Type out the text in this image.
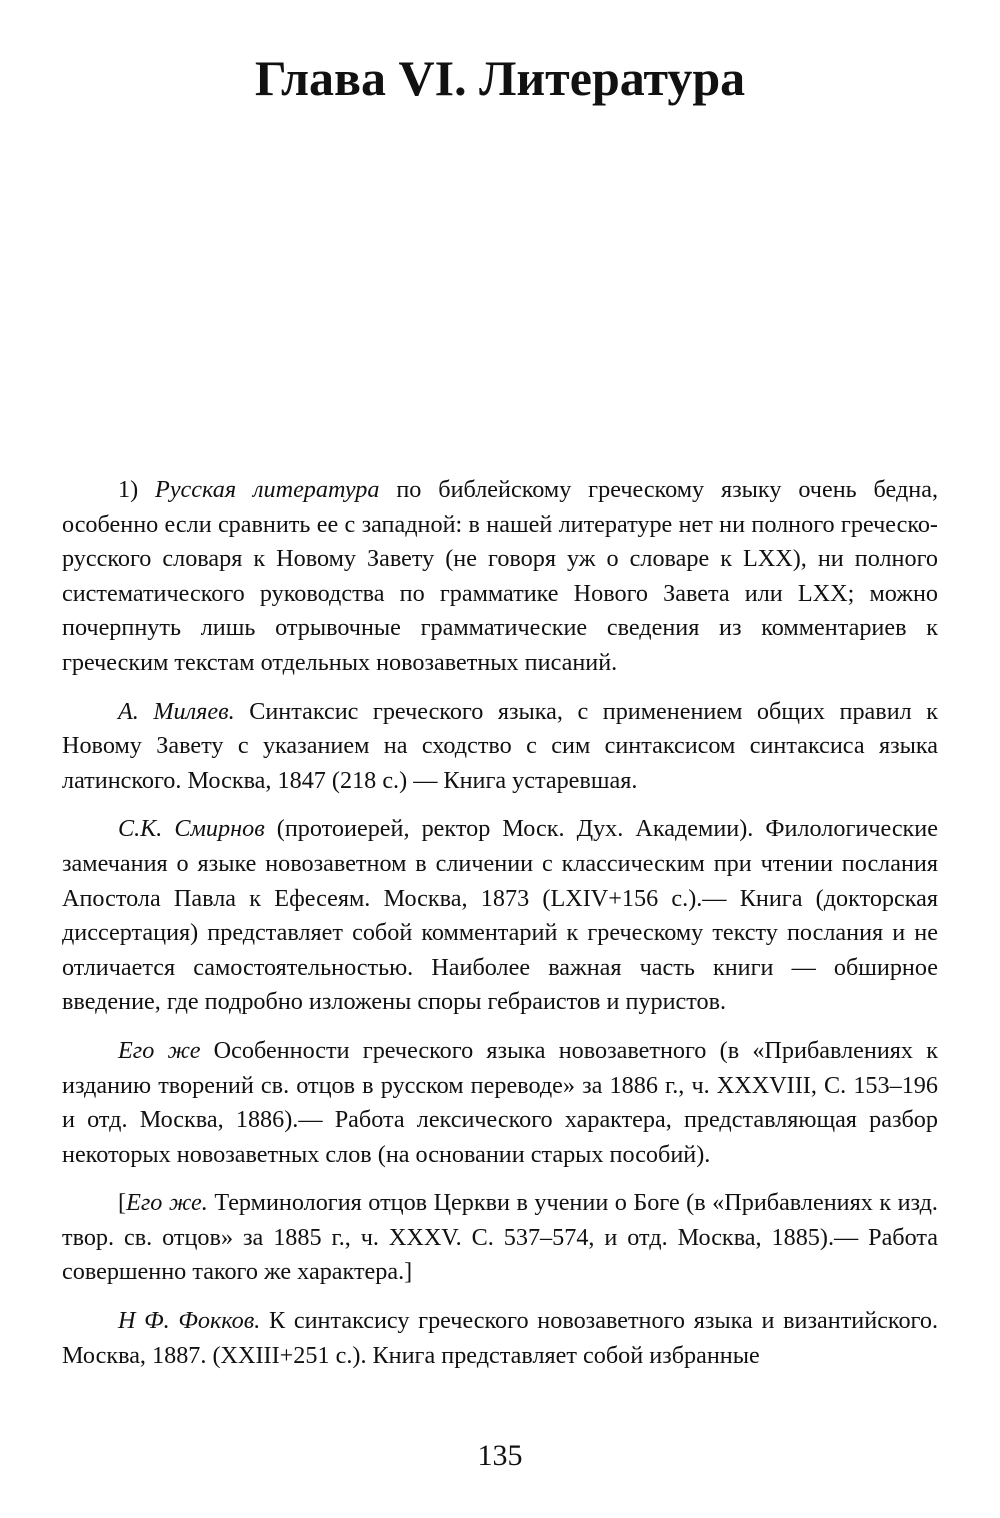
Глава VI. Литература

1) Русская литература по библейскому греческому языку очень бедна, особенно если сравнить ее с западной: в нашей литературе нет ни полного греческо-русского словаря к Новому Завету (не говоря уж о словаре к LXX), ни полного систематического руководства по грамматике Нового Завета или LXX; можно почерпнуть лишь отрывочные грамматические сведения из комментариев к греческим текстам отдельных новозаветных писаний.

А. Миляев. Синтаксис греческого языка, с применением общих правил к Новому Завету с указанием на сходство с сим синтаксисом синтаксиса языка латинского. Москва, 1847 (218 с.) — Книга устаревшая.

С.К. Смирнов (протоиерей, ректор Моск. Дух. Академии). Филологические замечания о языке новозаветном в сличении с классическим при чтении послания Апостола Павла к Ефесеям. Москва, 1873 (LXIV+156 с.).— Книга (докторская диссертация) представляет собой комментарий к греческому тексту послания и не отличается самостоятельностью. Наиболее важная часть книги — обширное введение, где подробно изложены споры гебраистов и пуристов.

Его же Особенности греческого языка новозаветного (в «Прибавлениях к изданию творений св. отцов в русском переводе» за 1886 г., ч. XXXVIII, С. 153–196 и отд. Москва, 1886).— Работа лексического характера, представляющая разбор некоторых новозаветных слов (на основании старых пособий).

[Его же. Терминология отцов Церкви в учении о Боге (в «Прибавлениях к изд. твор. св. отцов» за 1885 г., ч. XXXV. С. 537–574, и отд. Москва, 1885).— Работа совершенно такого же характера.]

Н Ф. Фокков. К синтаксису греческого новозаветного языка и византийского. Москва, 1887. (XXIII+251 с.). Книга представляет собой избранные

135
